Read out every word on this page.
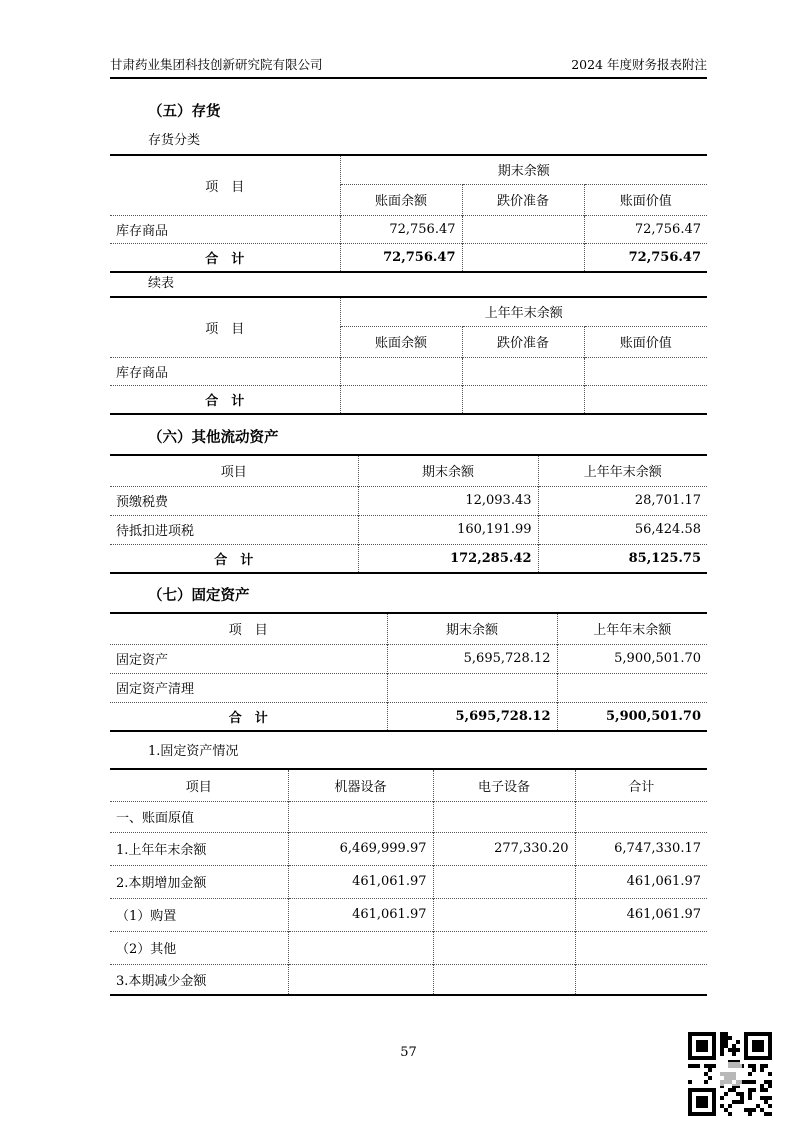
甘肃药业集团科技创新研究院有限公司	2024 年度财务报表附注
（五）存货
存货分类
项　目	期末余额		
	账面余额	跌价准备	账面价值
库存商品	72,756.47		72,756.47
合　计	72,756.47		72,756.47
续表
项　目	上年年末余额		
	账面余额	跌价准备	账面价值
库存商品			
合　计			
（六）其他流动资产
项目	期末余额	上年年末余额
预缴税费	12,093.43	28,701.17
待抵扣进项税	160,191.99	56,424.58
合　计	172,285.42	85,125.75
（七）固定资产
项　目	期末余额	上年年末余额
固定资产	5,695,728.12	5,900,501.70
固定资产清理		
合　计	5,695,728.12	5,900,501.70
1.固定资产情况
项目	机器设备	电子设备	合计
一、账面原值			
1.上年年末余额	6,469,999.97	277,330.20	6,747,330.17
2.本期增加金额	461,061.97		461,061.97
（1）购置	461,061.97		461,061.97
（2）其他			
3.本期减少金额			
57
